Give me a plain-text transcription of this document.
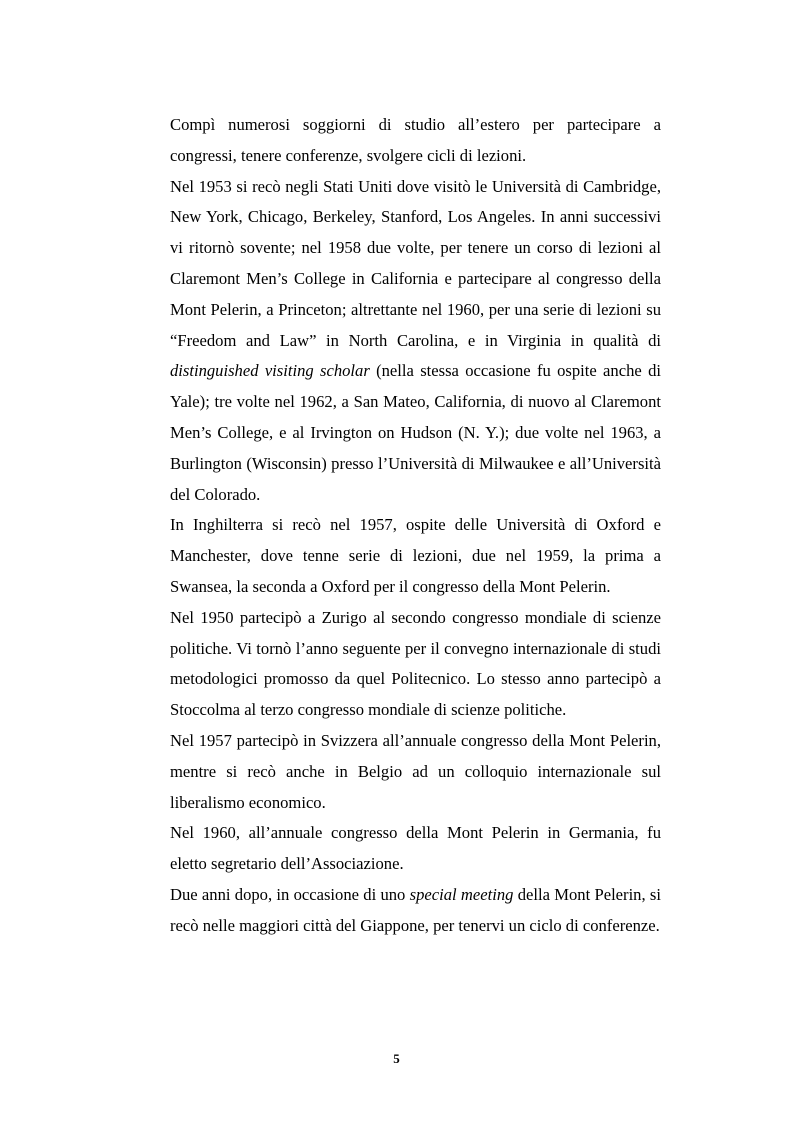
Compì numerosi soggiorni di studio all’estero per partecipare a congressi, tenere conferenze, svolgere cicli di lezioni.

Nel 1953 si recò negli Stati Uniti dove visitò le Università di Cambridge, New York, Chicago, Berkeley, Stanford, Los Angeles. In anni successivi vi ritornò sovente; nel 1958 due volte, per tenere un corso di lezioni al Claremont Men’s College in California e partecipare al congresso della Mont Pelerin, a Princeton; altrettante nel 1960, per una serie di lezioni su “Freedom and Law” in North Carolina, e in Virginia in qualità di distinguished visiting scholar (nella stessa occasione fu ospite anche di Yale); tre volte nel 1962, a San Mateo, California, di nuovo al Claremont Men’s College, e al Irvington on Hudson (N. Y.); due volte nel 1963, a Burlington (Wisconsin) presso l’Università di Milwaukee e all’Università del Colorado.

In Inghilterra si recò nel 1957, ospite delle Università di Oxford e Manchester, dove tenne serie di lezioni, due nel 1959, la prima a Swansea, la seconda a Oxford per il congresso della Mont Pelerin.

Nel 1950 partecipò a Zurigo al secondo congresso mondiale di scienze politiche. Vi tornò l’anno seguente per il convegno internazionale di studi metodologici promosso da quel Politecnico. Lo stesso anno partecipò a Stoccolma al terzo congresso mondiale di scienze politiche.

Nel 1957 partecipò in Svizzera all’annuale congresso della Mont Pelerin, mentre si recò anche in Belgio ad un colloquio internazionale sul liberalismo economico.

Nel 1960, all’annuale congresso della Mont Pelerin in Germania, fu eletto segretario dell’Associazione.

Due anni dopo, in occasione di uno special meeting della Mont Pelerin, si recò nelle maggiori città del Giappone, per tenervi un ciclo di conferenze.

5
